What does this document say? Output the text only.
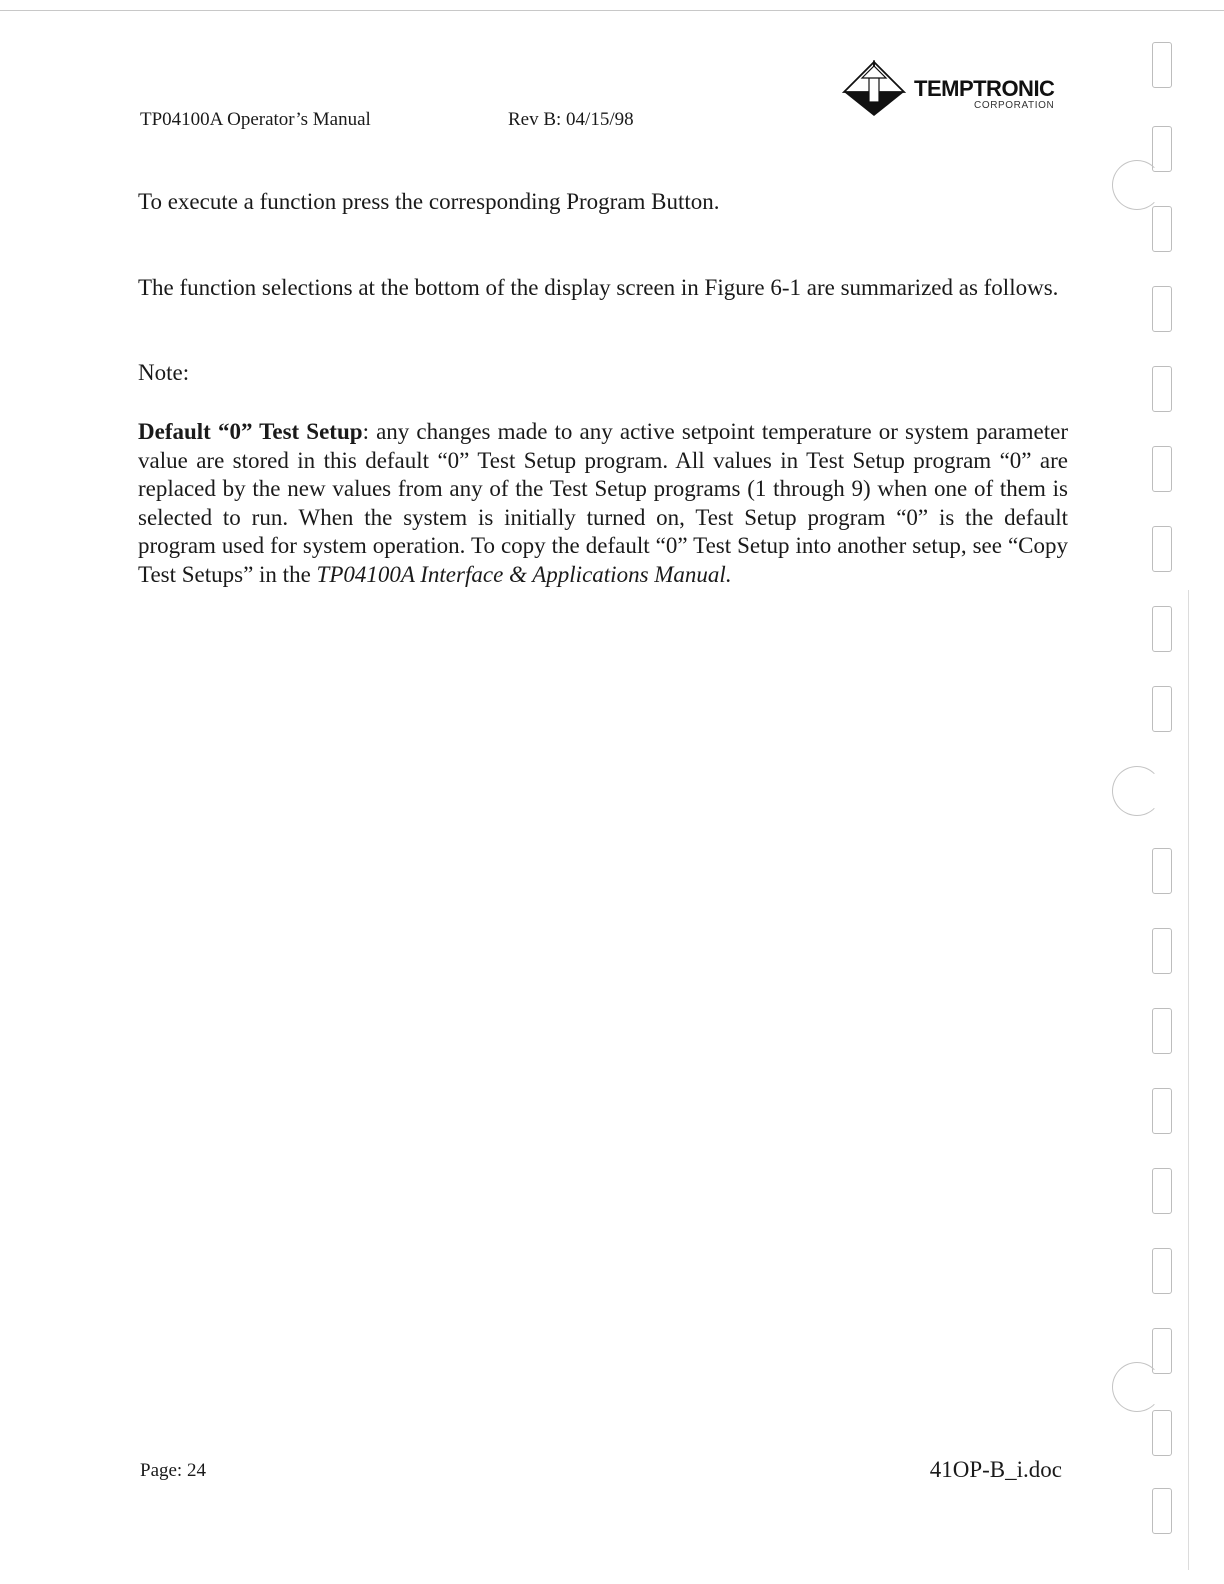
TP04100A Operator’s Manual	Rev B: 04/15/98
TEMPTRONIC
CORPORATION
To execute a function press the corresponding Program Button.
The function selections at the bottom of the display screen in Figure 6-1 are summarized as follows.
Note:
Default “0” Test Setup: any changes made to any active setpoint temperature or system parameter value are stored in this default “0” Test Setup program. All values in Test Setup program “0” are replaced by the new values from any of the Test Setup programs (1 through 9) when one of them is selected to run. When the system is initially turned on, Test Setup program “0” is the default program used for system operation. To copy the default “0” Test Setup into another setup, see “Copy Test Setups” in the TP04100A Interface & Applications Manual.
Page: 24	41OP-B_i.doc
